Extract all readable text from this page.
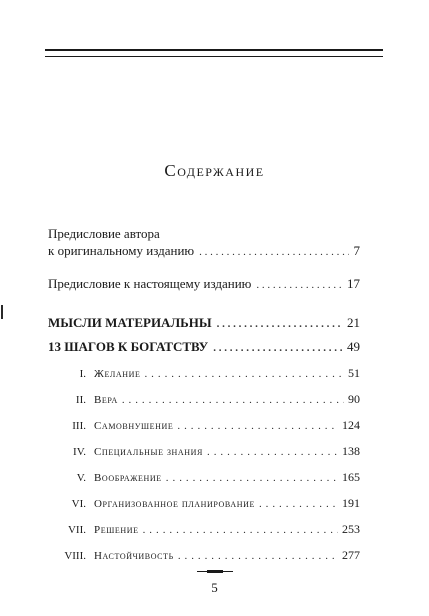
Содержание
Предисловие автора
к оригинальному изданию . . .	7
Предисловие к настоящему изданию . . .	17
МЫСЛИ МАТЕРИАЛЬНЫ . . .	21
13 ШАГОВ К БОГАТСТВУ . . .	49
I. Желание . . .	51
II. Вера . . .	90
III. Самовнушение . . .	124
IV. Специальные знания . . .	138
V. Воображение . . .	165
VI. Организованное планирование . . .	191
VII. Решение . . .	253
VIII. Настойчивость . . .	277
5
